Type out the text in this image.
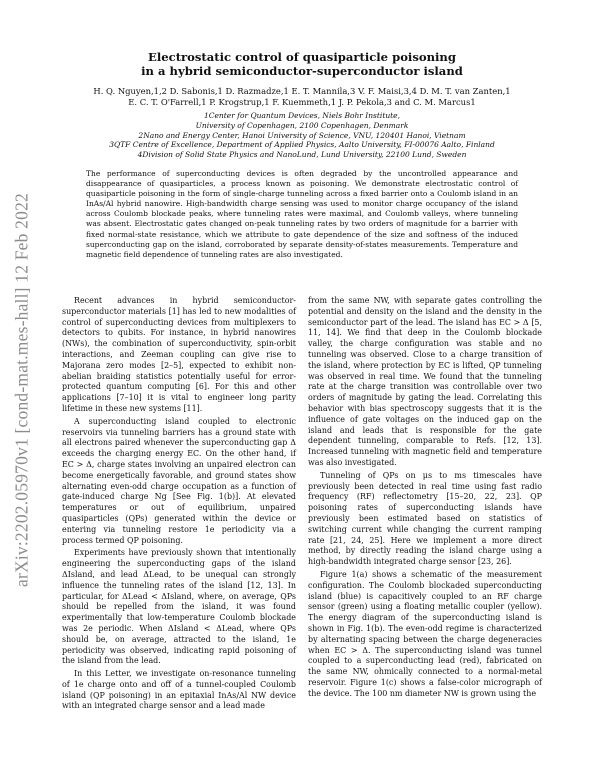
arXiv:2202.05970v1 [cond-mat.mes-hall] 12 Feb 2022

Electrostatic control of quasiparticle poisoning
in a hybrid semiconductor-superconductor island

H. Q. Nguyen,1,2 D. Sabonis,1 D. Razmadze,1 E. T. Mannila,3 V. F. Maisi,3,4 D. M. T. van Zanten,1
E. C. T. O'Farrell,1 P. Krogstrup,1 F. Kuemmeth,1 J. P. Pekola,3 and C. M. Marcus1
1Center for Quantum Devices, Niels Bohr Institute,
University of Copenhagen, 2100 Copenhagen, Denmark
2Nano and Energy Center, Hanoi University of Science, VNU, 120401 Hanoi, Vietnam
3QTF Centre of Excellence, Department of Applied Physics, Aalto University, FI-00076 Aalto, Finland
4Division of Solid State Physics and NanoLund, Lund University, 22100 Lund, Sweden
The performance of superconducting devices is often degraded by the uncontrolled appearance and disappearance of quasiparticles, a process known as poisoning. We demonstrate electrostatic control of quasiparticle poisoning in the form of single-charge tunneling across a fixed barrier onto a Coulomb island in an InAs/Al hybrid nanowire. High-bandwidth charge sensing was used to monitor charge occupancy of the island across Coulomb blockade peaks, where tunneling rates were maximal, and Coulomb valleys, where tunneling was absent. Electrostatic gates changed on-peak tunneling rates by two orders of magnitude for a barrier with fixed normal-state resistance, which we attribute to gate dependence of the size and softness of the induced superconducting gap on the island, corroborated by separate density-of-states measurements. Temperature and magnetic field dependence of tunneling rates are also investigated.

Recent advances in hybrid semiconductor-superconductor materials [1] has led to new modalities of control of superconducting devices from multiplexers to detectors to qubits. For instance, in hybrid nanowires (NWs), the combination of superconductivity, spin-orbit interactions, and Zeeman coupling can give rise to Majorana zero modes [2–5], expected to exhibit non-abelian braiding statistics potentially useful for error-protected quantum computing [6]. For this and other applications [7–10] it is vital to engineer long parity lifetime in these new systems [11].

A superconducting island coupled to electronic reservoirs via tunneling barriers has a ground state with all electrons paired whenever the superconducting gap Δ exceeds the charging energy EC. On the other hand, if EC > Δ, charge states involving an unpaired electron can become energetically favorable, and ground states show alternating even-odd charge occupation as a function of gate-induced charge Ng [See Fig. 1(b)]. At elevated temperatures or out of equilibrium, unpaired quasiparticles (QPs) generated within the device or entering via tunneling restore 1e periodicity via a process termed QP poisoning.

Experiments have previously shown that intentionally engineering the superconducting gaps of the island ΔIsland, and lead ΔLead, to be unequal can strongly influence the tunneling rates of the island [12, 13]. In particular, for ΔLead < ΔIsland, where, on average, QPs should be repelled from the island, it was found experimentally that low-temperature Coulomb blockade was 2e periodic. When ΔIsland < ΔLead, where QPs should be, on average, attracted to the island, 1e periodicity was observed, indicating rapid poisoning of the island from the lead.

In this Letter, we investigate on-resonance tunneling of 1e charge onto and off of a tunnel-coupled Coulomb island (QP poisoning) in an epitaxial InAs/Al NW device with an integrated charge sensor and a lead made

from the same NW, with separate gates controlling the potential and density on the island and the density in the semiconductor part of the lead. The island has EC > Δ [5, 11, 14]. We find that deep in the Coulomb blockade valley, the charge configuration was stable and no tunneling was observed. Close to a charge transition of the island, where protection by EC is lifted, QP tunneling was observed in real time. We found that the tunneling rate at the charge transition was controllable over two orders of magnitude by gating the lead. Correlating this behavior with bias spectroscopy suggests that it is the influence of gate voltages on the induced gap on the island and leads that is responsible for the gate dependent tunneling, comparable to Refs. [12, 13]. Increased tunneling with magnetic field and temperature was also investigated.

Tunneling of QPs on μs to ms timescales have previously been detected in real time using fast radio frequency (RF) reflectometry [15–20, 22, 23]. QP poisoning rates of superconducting islands have previously been estimated based on statistics of switching current while changing the current ramping rate [21, 24, 25]. Here we implement a more direct method, by directly reading the island charge using a high-bandwidth integrated charge sensor [23, 26].

Figure 1(a) shows a schematic of the measurement configuration. The Coulomb blockaded superconducting island (blue) is capacitively coupled to an RF charge sensor (green) using a floating metallic coupler (yellow). The energy diagram of the superconducting island is shown in Fig. 1(b). The even-odd regime is characterized by alternating spacing between the charge degeneracies when EC > Δ. The superconducting island was tunnel coupled to a superconducting lead (red), fabricated on the same NW, ohmically connected to a normal-metal reservoir. Figure 1(c) shows a false-color micrograph of the device. The 100 nm diameter NW is grown using the
